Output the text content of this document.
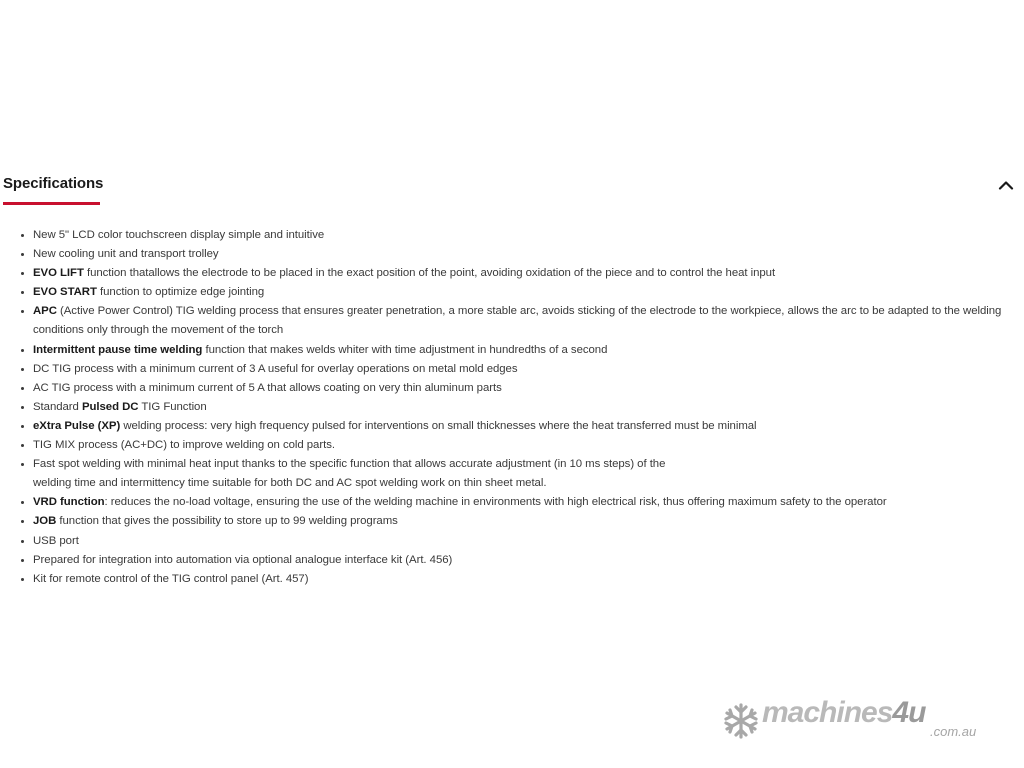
Specifications
• New 5" LCD color touchscreen display simple and intuitive
• New cooling unit and transport trolley
• EVO LIFT function thatallows the electrode to be placed in the exact position of the point, avoiding oxidation of the piece and to control the heat input
• EVO START function to optimize edge jointing
• APC (Active Power Control) TIG welding process that ensures greater penetration, a more stable arc, avoids sticking of the electrode to the workpiece, allows the arc to be adapted to the welding conditions only through the movement of the torch
• Intermittent pause time welding function that makes welds whiter with time adjustment in hundredths of a second
• DC TIG process with a minimum current of 3 A useful for overlay operations on metal mold edges
• AC TIG process with a minimum current of 5 A that allows coating on very thin aluminum parts
• Standard Pulsed DC TIG Function
• eXtra Pulse (XP) welding process: very high frequency pulsed for interventions on small thicknesses where the heat transferred must be minimal
• TIG MIX process (AC+DC) to improve welding on cold parts.
• Fast spot welding with minimal heat input thanks to the specific function that allows accurate adjustment (in 10 ms steps) of the
welding time and intermittency time suitable for both DC and AC spot welding work on thin sheet metal.
• VRD function: reduces the no-load voltage, ensuring the use of the welding machine in environments with high electrical risk, thus offering maximum safety to the operator
• JOB function that gives the possibility to store up to 99 welding programs
• USB port
• Prepared for integration into automation via optional analogue interface kit (Art. 456)
• Kit for remote control of the TIG control panel (Art. 457)
machines4u
.com.au
